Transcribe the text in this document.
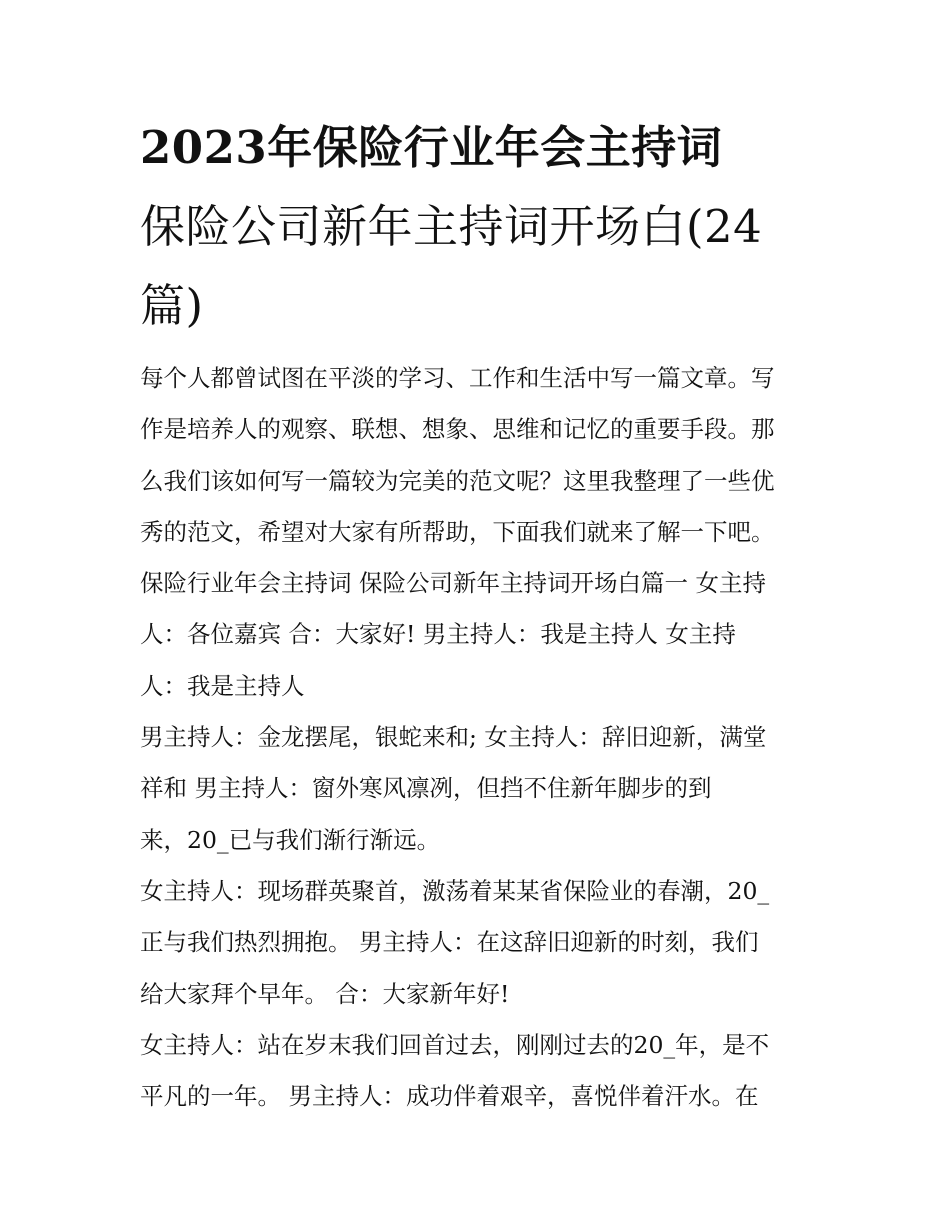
2023年保险行业年会主持词
保险公司新年主持词开场白(24
篇)
每个人都曾试图在平淡的学习、工作和生活中写一篇文章。写
作是培养人的观察、联想、想象、思维和记忆的重要手段。那
么我们该如何写一篇较为完美的范文呢？这里我整理了一些优
秀的范文，希望对大家有所帮助，下面我们就来了解一下吧。
保险行业年会主持词 保险公司新年主持词开场白篇一 女主持
人：各位嘉宾 合：大家好! 男主持人：我是主持人 女主持
人：我是主持人
男主持人：金龙摆尾，银蛇来和; 女主持人：辞旧迎新，满堂
祥和 男主持人：窗外寒风凛冽，但挡不住新年脚步的到
来，20_已与我们渐行渐远。
女主持人：现场群英聚首，激荡着某某省保险业的春潮，20_
正与我们热烈拥抱。 男主持人：在这辞旧迎新的时刻，我们
给大家拜个早年。 合：大家新年好!
女主持人：站在岁末我们回首过去，刚刚过去的20_年，是不
平凡的一年。 男主持人：成功伴着艰辛，喜悦伴着汗水。在
